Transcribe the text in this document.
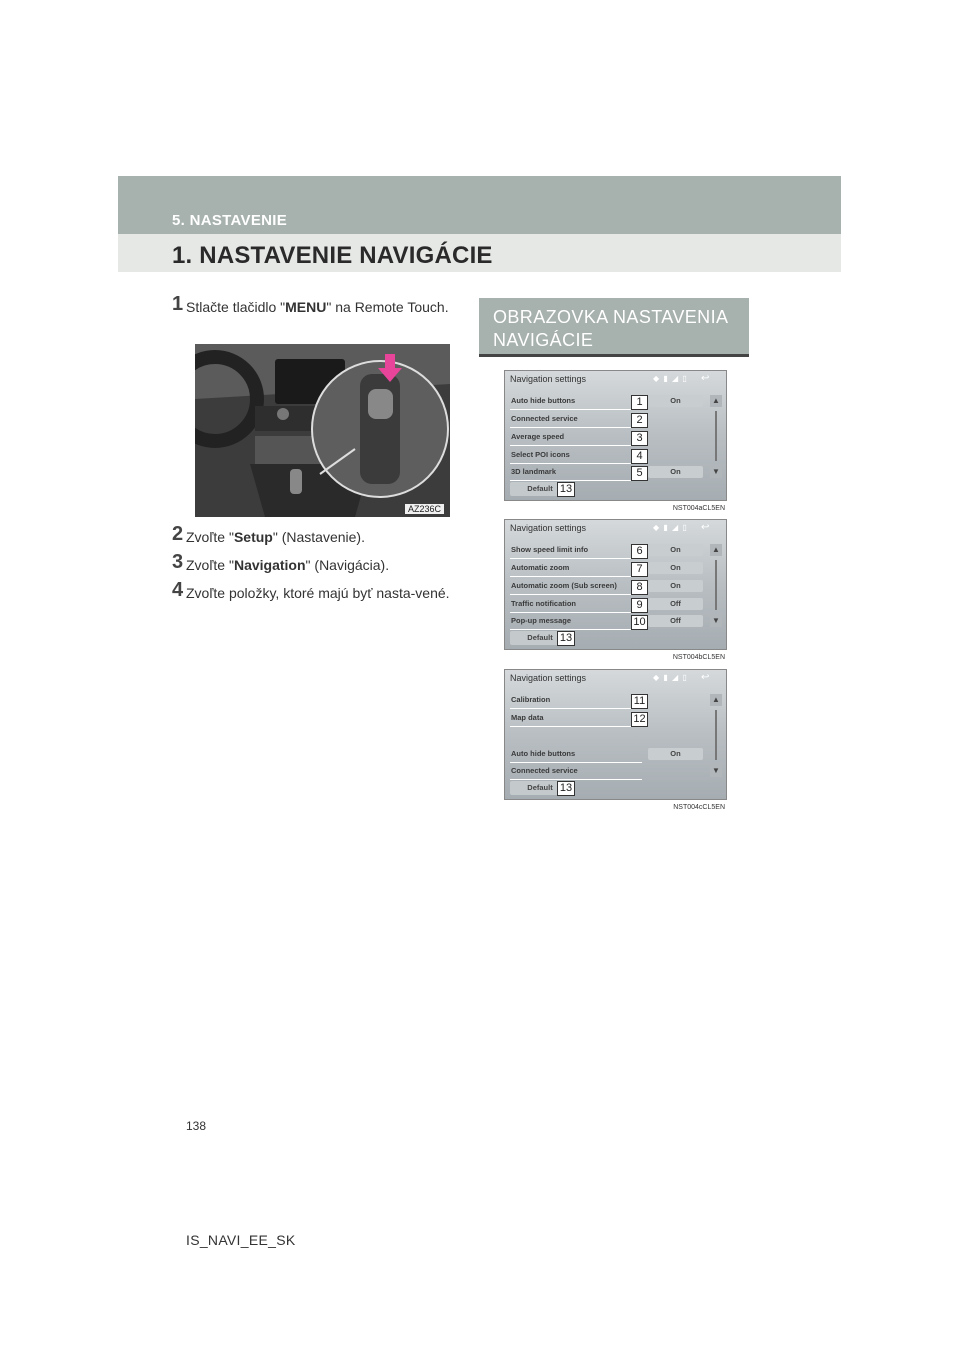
5. NASTAVENIE
1. NASTAVENIE NAVIGÁCIE
1 Stlačte tlačidlo "MENU" na Remote Touch.
2 Zvoľte "Setup" (Nastavenie).
3 Zvoľte "Navigation" (Navigácia).
4 Zvoľte položky, ktoré majú byť nasta-vené.
AZ236C
OBRAZOVKA NASTAVENIA NAVIGÁCIE
Navigation settings	◆ ▮ ◢ ▯ ↩
Auto hide buttons	1	On
Connected service	2
Average speed	3
Select POI icons	4
3D landmark	5	On
▲
▼
Default 13
NST004aCL5EN
Navigation settings	◆ ▮ ◢ ▯ ↩
Show speed limit info	6	On
Automatic zoom	7	On
Automatic zoom (Sub screen)	8	On
Traffic notification	9	Off
Pop-up message	10	Off
▲
▼
Default 13
NST004bCL5EN
Navigation settings	◆ ▮ ◢ ▯ ↩
Calibration	11
Map data	12
Auto hide buttons	On
Connected service
▲
▼
Default 13
NST004cCL5EN
138
IS_NAVI_EE_SK
